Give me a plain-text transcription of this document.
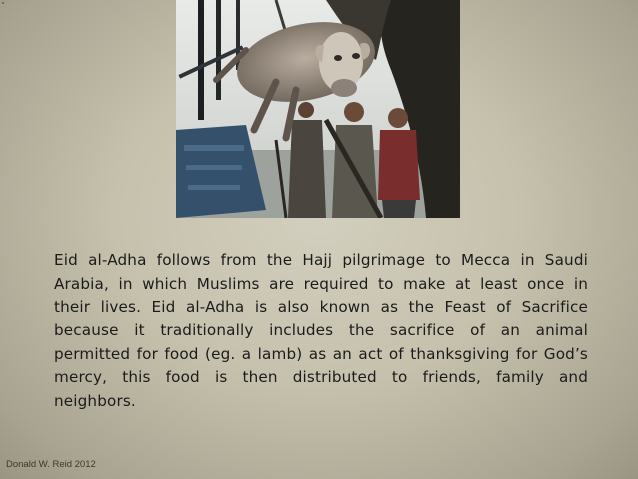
Eid al-Adha follows from the Hajj pilgrimage to Mecca in Saudi Arabia, in which Muslims are required to make at least once in their lives. Eid al-Adha is also known as the Feast of Sacrifice because it traditionally includes the sacrifice of an animal permitted for food (eg. a lamb) as an act of thanksgiving for God’s mercy, this food is then distributed to friends, family and neighbors.

Donald W. Reid 2012
